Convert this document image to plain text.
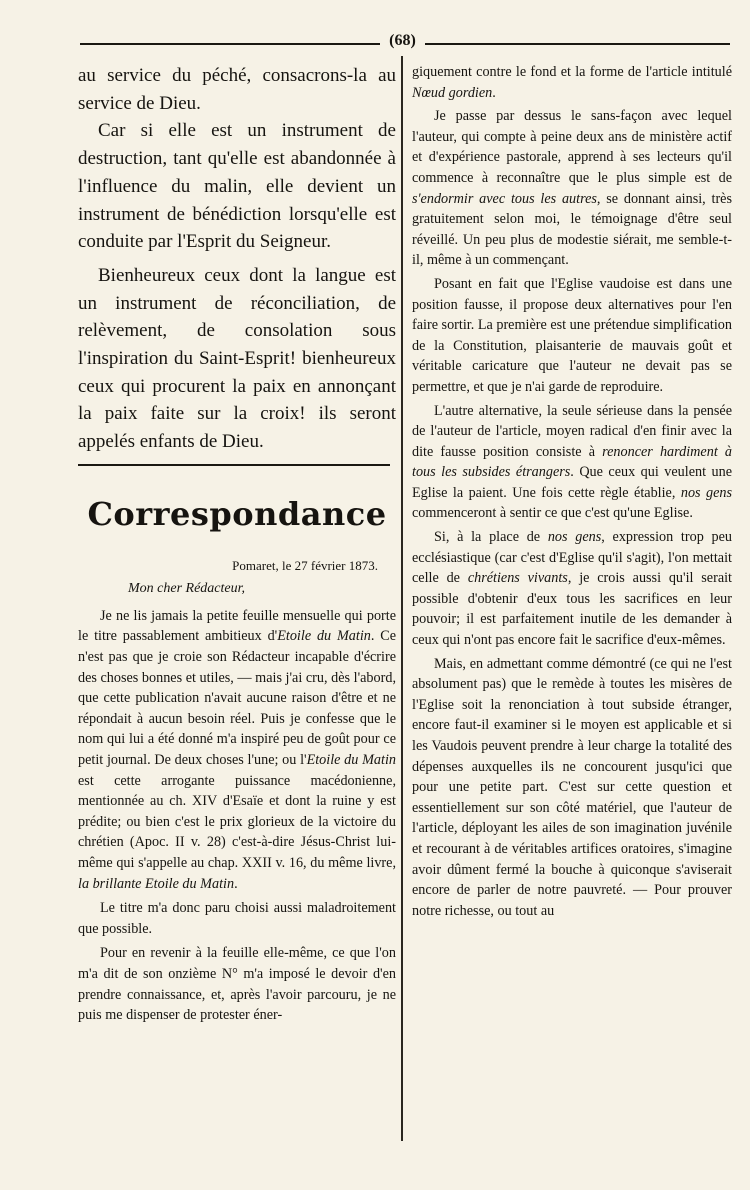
(68)

au service du péché, consacrons-la au service de Dieu.

Car si elle est un instrument de destruction, tant qu'elle est abandonnée à l'influence du malin, elle devient un instrument de bénédiction lorsqu'elle est conduite par l'Esprit du Seigneur.

Bienheureux ceux dont la langue est un instrument de réconciliation, de relèvement, de consolation sous l'inspiration du Saint-Esprit! bienheureux ceux qui procurent la paix en annonçant la paix faite sur la croix! ils seront appelés enfants de Dieu.

Correspondance
Pomaret, le 27 février 1873.
Mon cher Rédacteur,

Je ne lis jamais la petite feuille mensuelle qui porte le titre passablement ambitieux d'Etoile du Matin. Ce n'est pas que je croie son Rédacteur incapable d'écrire des choses bonnes et utiles, — mais j'ai cru, dès l'abord, que cette publication n'avait aucune raison d'être et ne répondait à aucun besoin réel. Puis je confesse que le nom qui lui a été donné m'a inspiré peu de goût pour ce petit journal. De deux choses l'une; ou l'Etoile du Matin est cette arrogante puissance macédonienne, mentionnée au ch. XIV d'Esaïe et dont la ruine y est prédite; ou bien c'est le prix glorieux de la victoire du chrétien (Apoc. II v. 28) c'est-à-dire Jésus-Christ lui-même qui s'appelle au chap. XXII v. 16, du même livre, la brillante Etoile du Matin.

Le titre m'a donc paru choisi aussi maladroitement que possible.

Pour en revenir à la feuille elle-même, ce que l'on m'a dit de son onzième N° m'a imposé le devoir d'en prendre connaissance, et, après l'avoir parcouru, je ne puis me dispenser de protester éner-

giquement contre le fond et la forme de l'article intitulé Nœud gordien.

Je passe par dessus le sans-façon avec lequel l'auteur, qui compte à peine deux ans de ministère actif et d'expérience pastorale, apprend à ses lecteurs qu'il commence à reconnaître que le plus simple est de s'endormir avec tous les autres, se donnant ainsi, très gratuitement selon moi, le témoignage d'être seul réveillé. Un peu plus de modestie siérait, me semble-t-il, même à un commençant.

Posant en fait que l'Eglise vaudoise est dans une position fausse, il propose deux alternatives pour l'en faire sortir. La première est une prétendue simplification de la Constitution, plaisanterie de mauvais goût et véritable caricature que l'auteur ne devait pas se permettre, et que je n'ai garde de reproduire.

L'autre alternative, la seule sérieuse dans la pensée de l'auteur de l'article, moyen radical d'en finir avec la dite fausse position consiste à renoncer hardiment à tous les subsides étrangers. Que ceux qui veulent une Eglise la paient. Une fois cette règle établie, nos gens commenceront à sentir ce que c'est qu'une Eglise.

Si, à la place de nos gens, expression trop peu ecclésiastique (car c'est d'Eglise qu'il s'agit), l'on mettait celle de chrétiens vivants, je crois aussi qu'il serait possible d'obtenir d'eux tous les sacrifices en leur pouvoir; il est parfaitement inutile de les demander à ceux qui n'ont pas encore fait le sacrifice d'eux-mêmes.

Mais, en admettant comme démontré (ce qui ne l'est absolument pas) que le remède à toutes les misères de l'Eglise soit la renonciation à tout subside étranger, encore faut-il examiner si le moyen est applicable et si les Vaudois peuvent prendre à leur charge la totalité des dépenses auxquelles ils ne concourent jusqu'ici que pour une petite part. C'est sur cette question et essentiellement sur son côté matériel, que l'auteur de l'article, déployant les ailes de son imagination juvénile et recourant à de véritables artifices oratoires, s'imagine avoir dûment fermé la bouche à quiconque s'aviserait encore de parler de notre pauvreté. — Pour prouver notre richesse, ou tout au
